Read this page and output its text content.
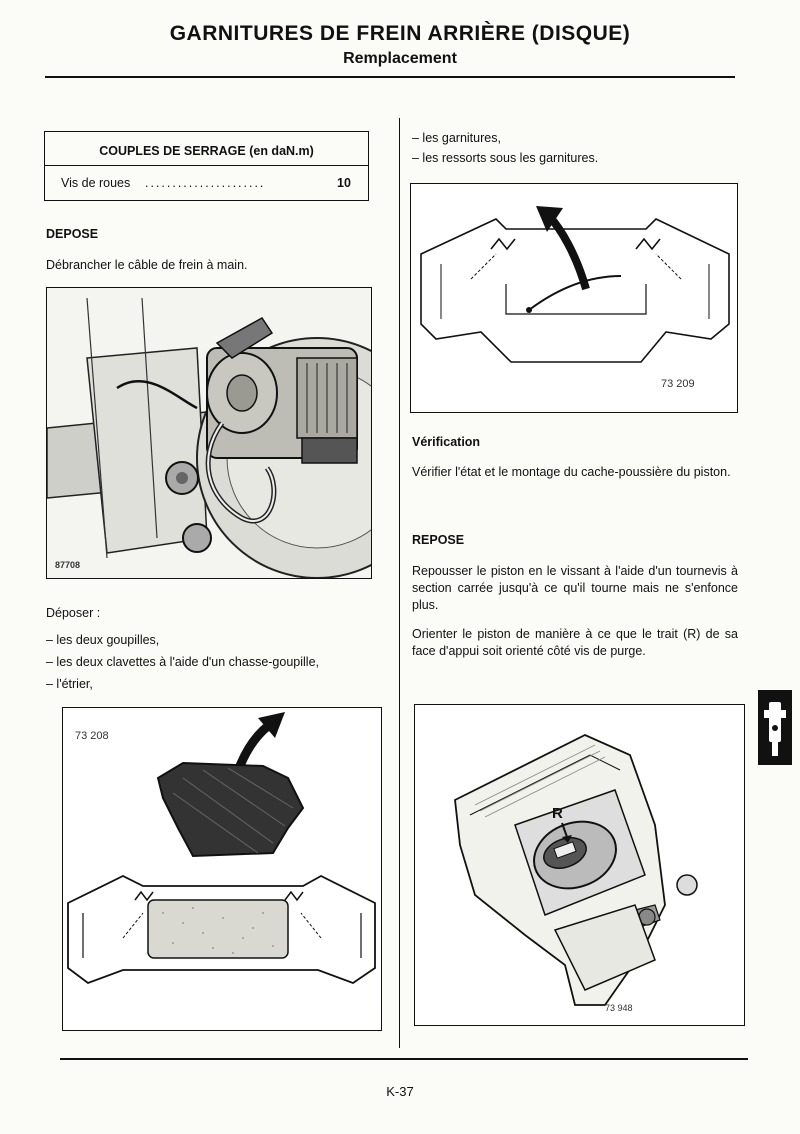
GARNITURES DE FREIN ARRIÈRE (DISQUE)
Remplacement
COUPLES DE SERRAGE (en daN.m)
Vis de roues ......................	10
DEPOSE
Débrancher le câble de frein à main.
87708
Déposer :
– les deux goupilles,
– les deux clavettes à l'aide d'un chasse-goupille,
– l'étrier,
73 208
– les garnitures,
– les ressorts sous les garnitures.
73 209
Vérification
Vérifier l'état et le montage du cache-poussière du piston.
REPOSE
Repousser le piston en le vissant à l'aide d'un tournevis à section carrée jusqu'à ce qu'il tourne mais ne s'enfonce plus.
Orienter le piston de manière à ce que le trait (R) de sa face d'appui soit orienté côté vis de purge.
R
73 948
K-37
